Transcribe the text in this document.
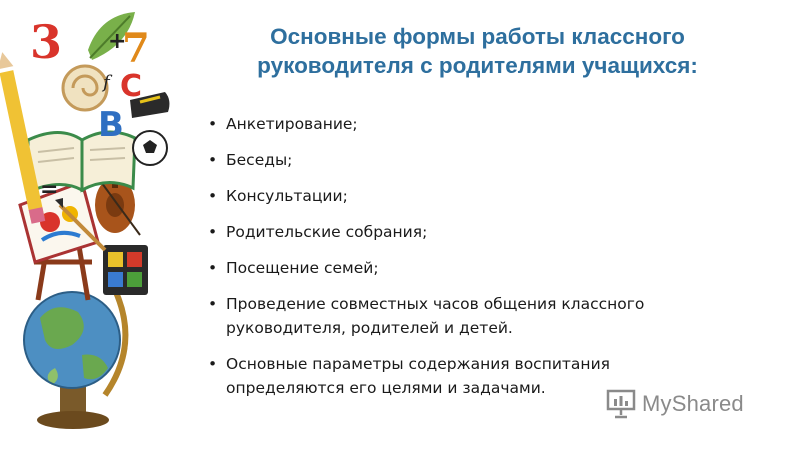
3 7
+
C
B
=
f
Основные формы работы классного
руководителя с родителями учащихся:
• Анкетирование;
• Беседы;
• Консультации;
• Родительские собрания;
• Посещение семей;
• Проведение совместных часов общения классного
руководителя, родителей и детей.
• Основные параметры содержания воспитания
определяются его целями и задачами.
MyShared
